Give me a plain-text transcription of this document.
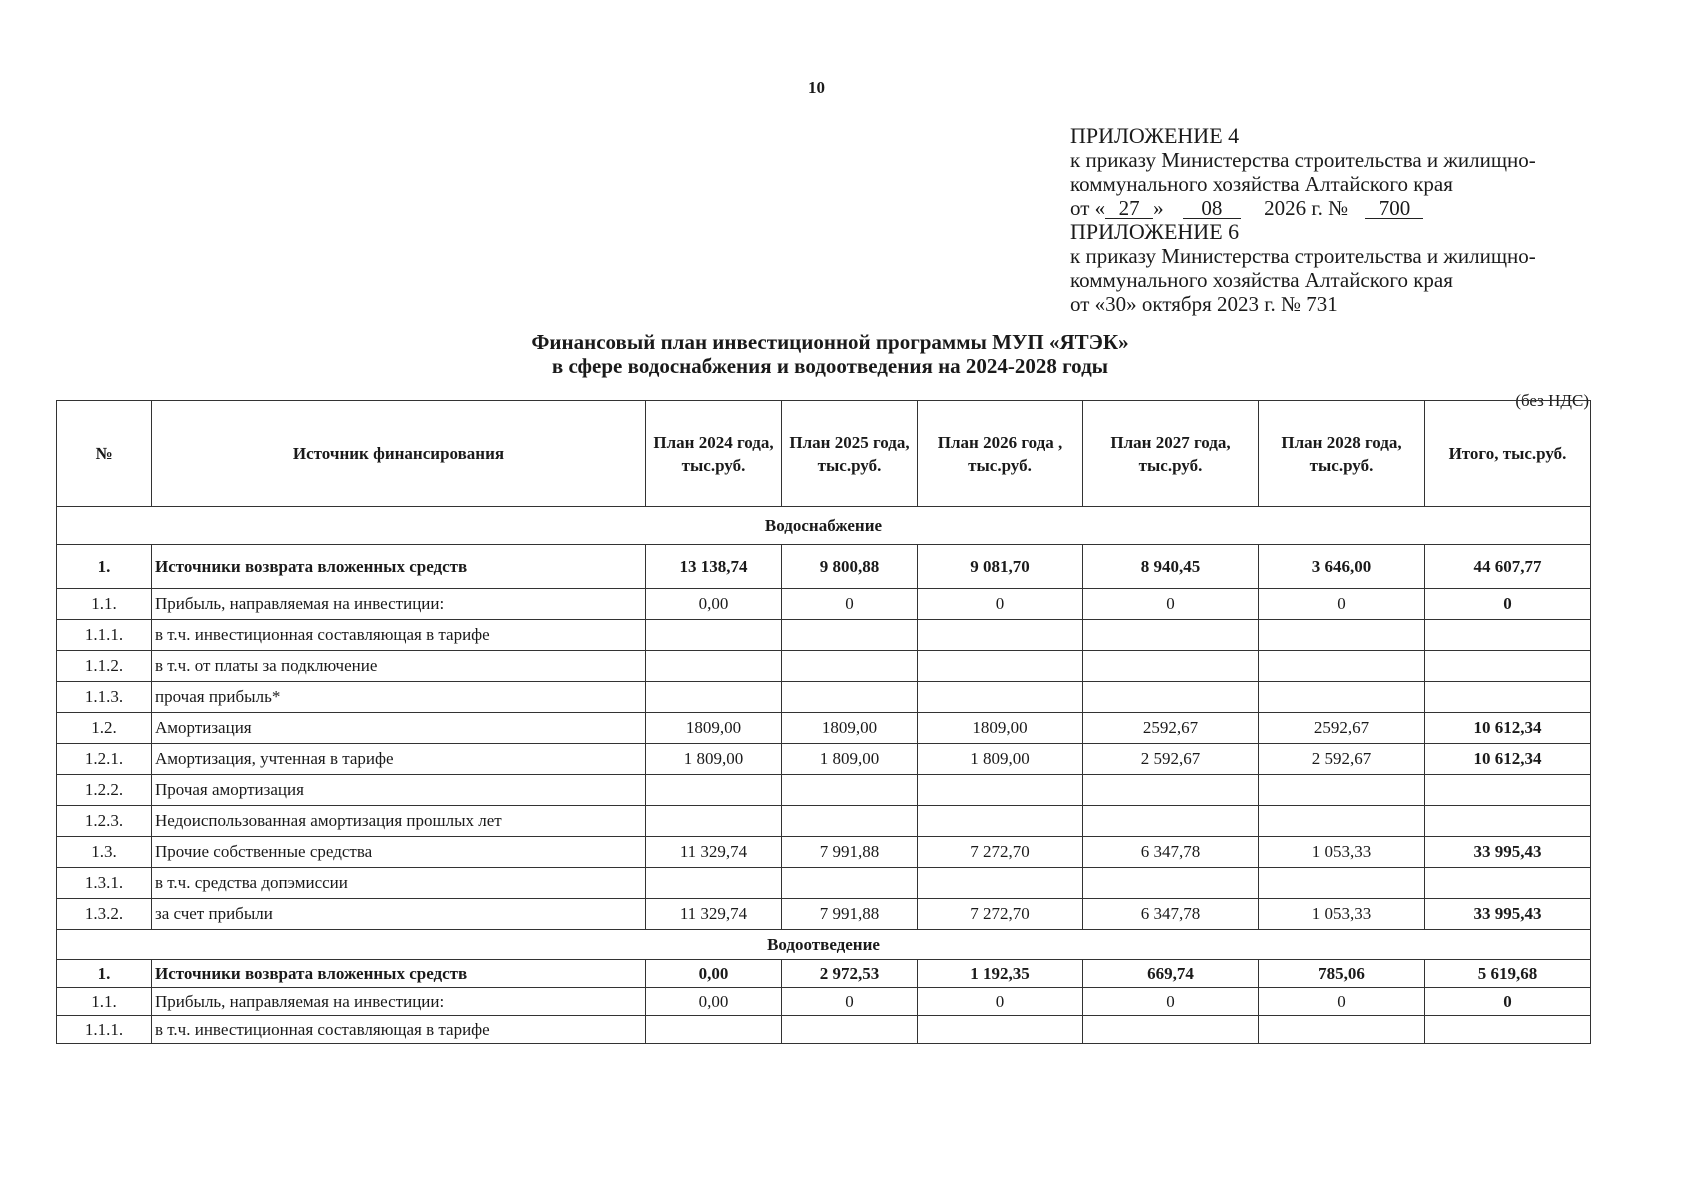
10
ПРИЛОЖЕНИЕ 4
к приказу Министерства строительства и жилищно-
коммунального хозяйства Алтайского края
от « 27 » 08 2026 г. № 700
ПРИЛОЖЕНИЕ 6
к приказу Министерства строительства и жилищно-
коммунального хозяйства Алтайского края
от «30» октября 2023 г. № 731
Финансовый план инвестиционной программы МУП «ЯТЭК»
в сфере водоснабжения и водоотведения на 2024-2028 годы
(без НДС)
№	Источник финансирования	План 2024 года, тыс.руб.	План 2025 года, тыс.руб.	План 2026 года , тыс.руб.	План 2027 года, тыс.руб.	План 2028 года, тыс.руб.	Итого, тыс.руб.
Водоснабжение							
1.	Источники возврата вложенных средств	13 138,74	9 800,88	9 081,70	8 940,45	3 646,00	44 607,77
1.1.	Прибыль, направляемая на инвестиции:	0,00	0	0	0	0	0
1.1.1.	в т.ч. инвестиционная составляющая в тарифе						
1.1.2.	в т.ч. от платы за подключение						
1.1.3.	прочая прибыль*						
1.2.	Амортизация	1809,00	1809,00	1809,00	2592,67	2592,67	10 612,34
1.2.1.	Амортизация, учтенная в тарифе	1 809,00	1 809,00	1 809,00	2 592,67	2 592,67	10 612,34
1.2.2.	Прочая амортизация						
1.2.3.	Недоиспользованная амортизация прошлых лет						
1.3.	Прочие собственные средства	11 329,74	7 991,88	7 272,70	6 347,78	1 053,33	33 995,43
1.3.1.	в т.ч. средства допэмиссии						
1.3.2.	за счет прибыли	11 329,74	7 991,88	7 272,70	6 347,78	1 053,33	33 995,43
Водоотведение							
1.	Источники возврата вложенных средств	0,00	2 972,53	1 192,35	669,74	785,06	5 619,68
1.1.	Прибыль, направляемая на инвестиции:	0,00	0	0	0	0	0
1.1.1.	в т.ч. инвестиционная составляющая в тарифе						
